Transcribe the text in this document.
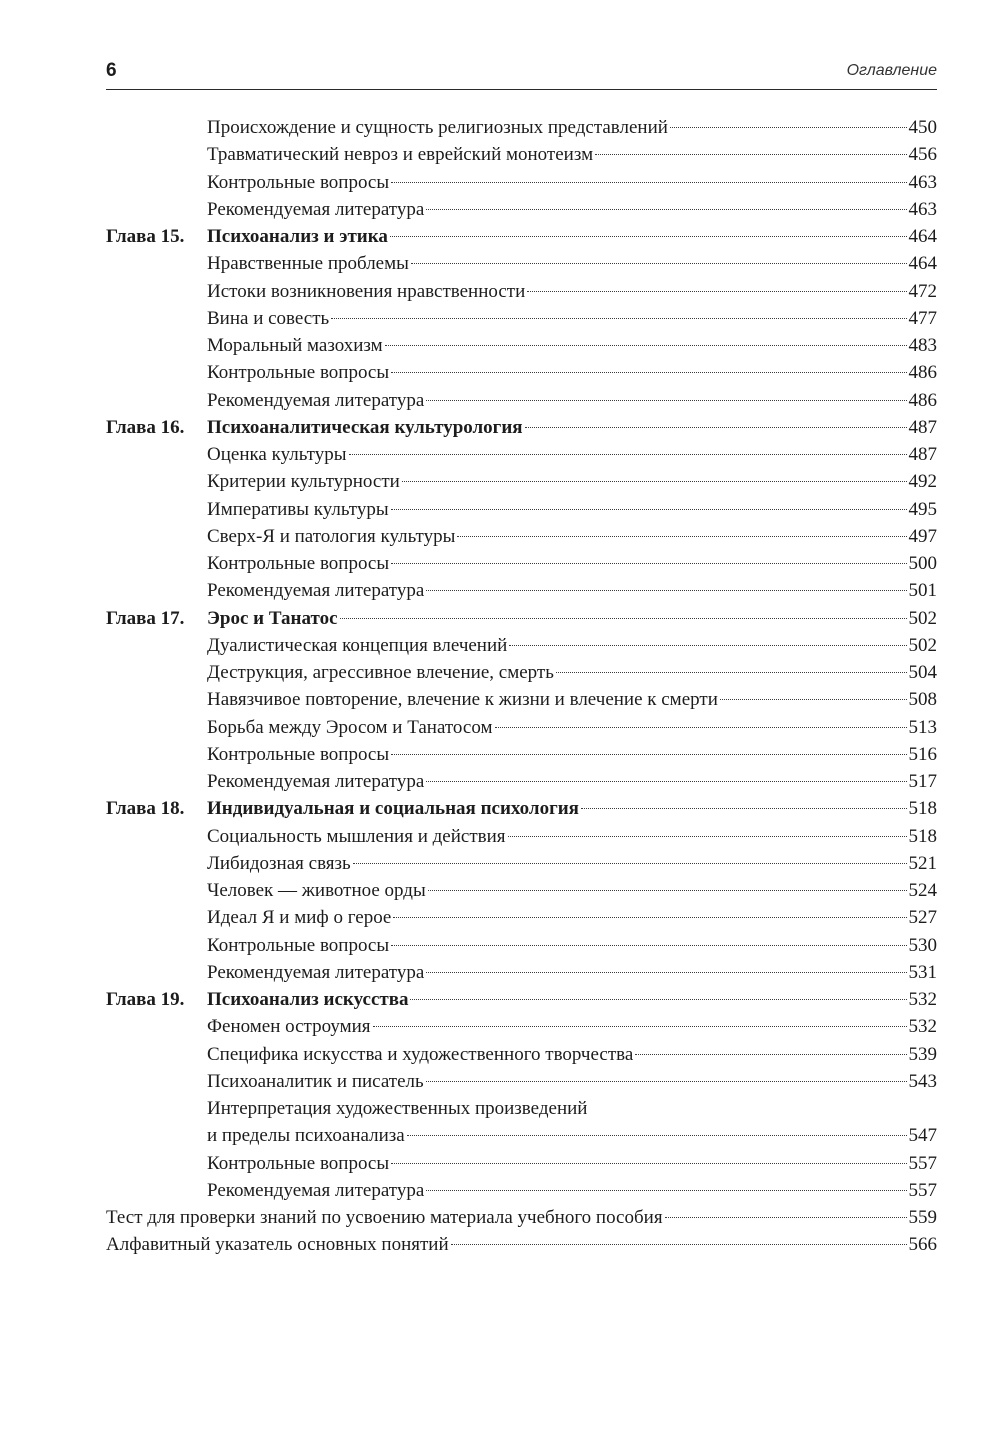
6	Оглавление
Происхождение и сущность религиозных представлений	450
Травматический невроз и еврейский монотеизм	456
Контрольные вопросы	463
Рекомендуемая литература	463
Глава 15. Психоанализ и этика	464
Нравственные проблемы	464
Истоки возникновения нравственности	472
Вина и совесть	477
Моральный мазохизм	483
Контрольные вопросы	486
Рекомендуемая литература	486
Глава 16. Психоаналитическая культурология	487
Оценка культуры	487
Критерии культурности	492
Императивы культуры	495
Сверх-Я и патология культуры	497
Контрольные вопросы	500
Рекомендуемая литература	501
Глава 17. Эрос и Танатос	502
Дуалистическая концепция влечений	502
Деструкция, агрессивное влечение, смерть	504
Навязчивое повторение, влечение к жизни и влечение к смерти	508
Борьба между Эросом и Танатосом	513
Контрольные вопросы	516
Рекомендуемая литература	517
Глава 18. Индивидуальная и социальная психология	518
Социальность мышления и действия	518
Либидозная связь	521
Человек — животное орды	524
Идеал Я и миф о герое	527
Контрольные вопросы	530
Рекомендуемая литература	531
Глава 19. Психоанализ искусства	532
Феномен остроумия	532
Специфика искусства и художественного творчества	539
Психоаналитик и писатель	543
Интерпретация художественных произведений
и пределы психоанализа	547
Контрольные вопросы	557
Рекомендуемая литература	557
Тест для проверки знаний по усвоению материала учебного пособия	559
Алфавитный указатель основных понятий	566
